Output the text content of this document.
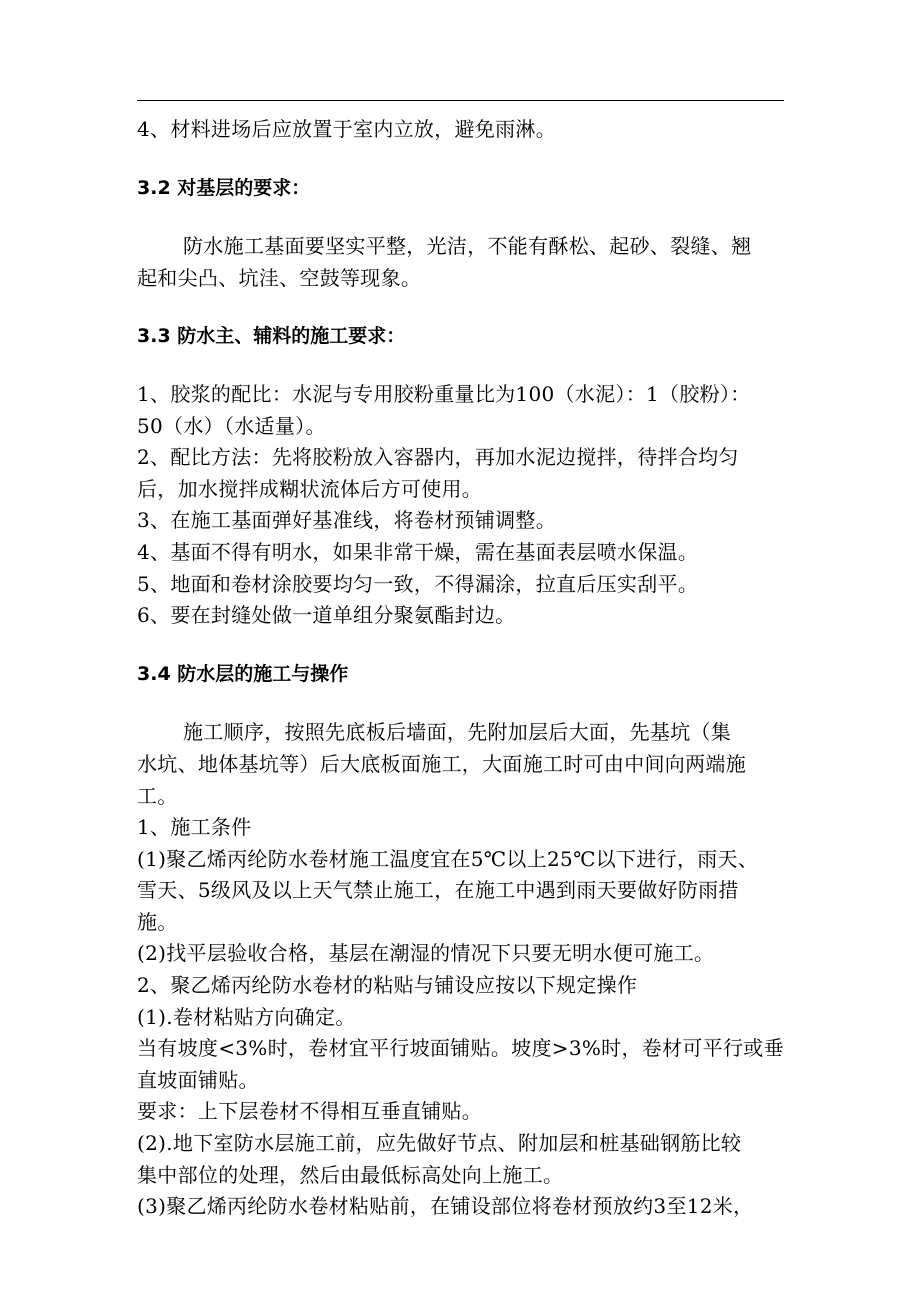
4、材料进场后应放置于室内立放，避免雨淋。
3.2 对基层的要求：
防水施工基面要坚实平整，光洁，不能有酥松、起砂、裂缝、翘
起和尖凸、坑洼、空鼓等现象。
3.3 防水主、辅料的施工要求：
1、胶浆的配比：水泥与专用胶粉重量比为100（水泥）：1（胶粉）：
50（水）（水适量）。
2、配比方法：先将胶粉放入容器内，再加水泥边搅拌，待拌合均匀
后，加水搅拌成糊状流体后方可使用。
3、在施工基面弹好基准线，将卷材预铺调整。
4、基面不得有明水，如果非常干燥，需在基面表层喷水保温。
5、地面和卷材涂胶要均匀一致，不得漏涂，拉直后压实刮平。
6、要在封缝处做一道单组分聚氨酯封边。
3.4 防水层的施工与操作
施工顺序，按照先底板后墙面，先附加层后大面，先基坑（集
水坑、地体基坑等）后大底板面施工，大面施工时可由中间向两端施
工。
1、施工条件
(1)聚乙烯丙纶防水卷材施工温度宜在5℃以上25℃以下进行，雨天、
雪天、5级风及以上天气禁止施工，在施工中遇到雨天要做好防雨措
施。
(2)找平层验收合格，基层在潮湿的情况下只要无明水便可施工。
2、聚乙烯丙纶防水卷材的粘贴与铺设应按以下规定操作
(1).卷材粘贴方向确定。
当有坡度<3%时，卷材宜平行坡面铺贴。坡度>3%时，卷材可平行或垂
直坡面铺贴。
要求：上下层卷材不得相互垂直铺贴。
(2).地下室防水层施工前，应先做好节点、附加层和桩基础钢筋比较
集中部位的处理，然后由最低标高处向上施工。
(3)聚乙烯丙纶防水卷材粘贴前，在铺设部位将卷材预放约3至12米，
